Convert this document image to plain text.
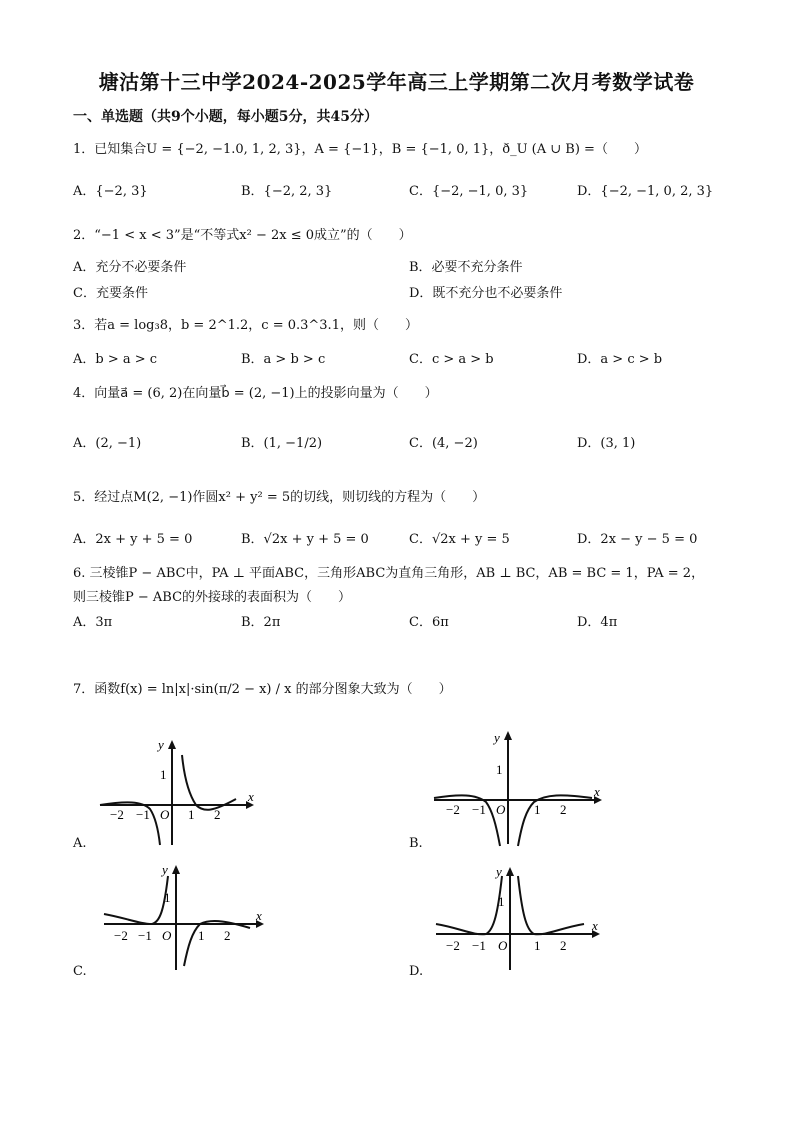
塘沽第十三中学2024-2025学年高三上学期第二次月考数学试卷
一、单选题（共9个小题，每小题5分，共45分）
1．已知集合U = {−2, −1.0, 1, 2, 3}，A = {−1}，B = {−1, 0, 1}，ð_U (A ∪ B) =（　　）
A．{−2, 3}	B．{−2, 2, 3}	C．{−2, −1, 0, 3}	D．{−2, −1, 0, 2, 3}
2．“−1 < x < 3”是“不等式x² − 2x ≤ 0成立”的（　　）
A．充分不必要条件	B．必要不充分条件
C．充要条件	D．既不充分也不必要条件
3．若a = log₃8，b = 2^1.2，c = 0.3^3.1，则（　　）
A．b > a > c	B．a > b > c	C．c > a > b	D．a > c > b
4．向量a⃗ = (6, 2)在向量b⃗ = (2, −1)上的投影向量为（　　）
A．(2, −1)	B．(1, −1/2)	C．(4, −2)	D．(3, 1)
5．经过点M(2, −1)作圆x² + y² = 5的切线，则切线的方程为（　　）
A．2x + y + 5 = 0	B．√2x + y + 5 = 0	C．√2x + y = 5	D．2x − y − 5 = 0
6. 三棱锥P − ABC中，PA ⊥ 平面ABC，三角形ABC为直角三角形，AB ⊥ BC，AB = BC = 1，PA = 2，
则三棱锥P − ABC的外接球的表面积为（　　）
A．3π	B．2π	C．6π	D．4π
7．函数f(x) = ln|x|·sin(π/2 − x) / x 的部分图象大致为（　　）
y
x
1
O
−2 −1	1 2
A.
y
x
1
O
−2 −1	1 2
B.
y
x
1
O
−2 −1	1 2
C.
y
x
1
O
−2 −1	1 2
D.
